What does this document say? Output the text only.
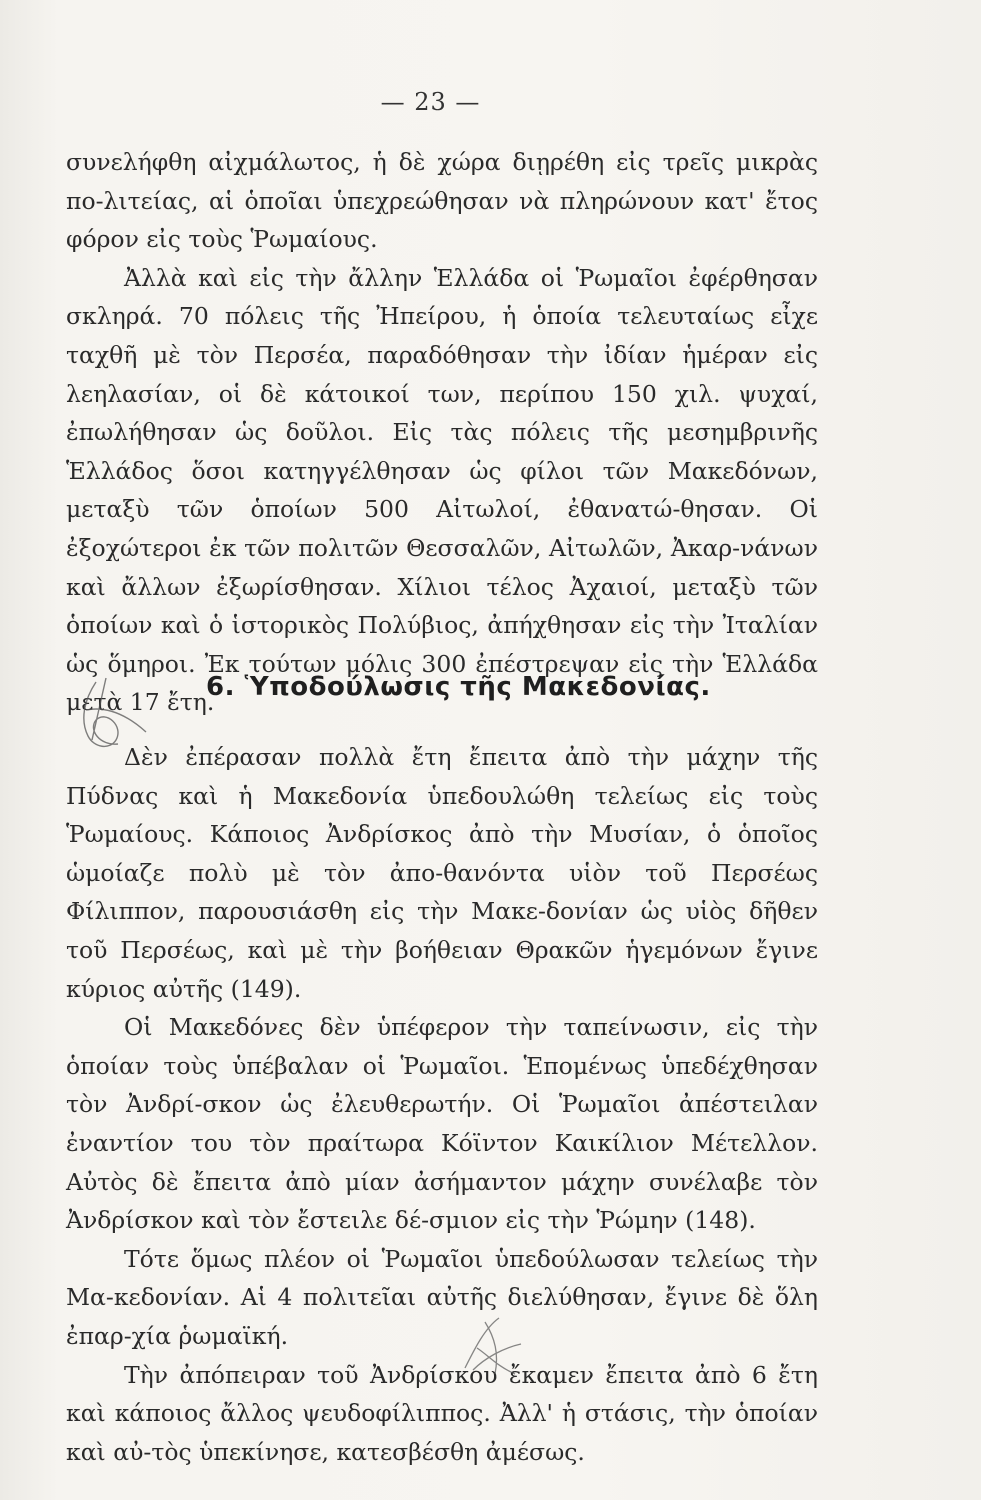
— 23 —

συνελήφθη αἰχμάλωτος, ἡ δὲ χώρα διῃρέθη εἰς τρεῖς μικρὰς πο-λιτείας, αἱ ὁποῖαι ὑπεχρεώθησαν νὰ πληρώνουν κατ' ἔτος φόρον εἰς τοὺς Ῥωμαίους.

Ἀλλὰ καὶ εἰς τὴν ἄλλην Ἑλλάδα οἱ Ῥωμαῖοι ἐφέρθησαν σκληρά. 70 πόλεις τῆς Ἠπείρου, ἡ ὁποία τελευταίως εἶχε ταχθῆ μὲ τὸν Περσέα, παραδόθησαν τὴν ἰδίαν ἡμέραν εἰς λεηλασίαν, οἱ δὲ κάτοικοί των, περίπου 150 χιλ. ψυχαί, ἐπωλήθησαν ὡς δοῦλοι. Εἰς τὰς πόλεις τῆς μεσημβρινῆς Ἑλλάδος ὅσοι κατηγγέλθησαν ὡς φίλοι τῶν Μακεδόνων, μεταξὺ τῶν ὁποίων 500 Αἰτωλοί, ἐθανατώ-θησαν. Οἱ ἐξοχώτεροι ἐκ τῶν πολιτῶν Θεσσαλῶν, Αἰτωλῶν, Ἀκαρ-νάνων καὶ ἄλλων ἐξωρίσθησαν. Χίλιοι τέλος Ἀχαιοί, μεταξὺ τῶν ὁποίων καὶ ὁ ἱστορικὸς Πολύβιος, ἀπήχθησαν εἰς τὴν Ἰταλίαν ὡς ὅμηροι. Ἐκ τούτων μόλις 300 ἐπέστρεψαν εἰς τὴν Ἑλλάδα μετὰ 17 ἔτη.

6. Ὑποδούλωσις τῆς Μακεδονίας.

Δὲν ἐπέρασαν πολλὰ ἔτη ἔπειτα ἀπὸ τὴν μάχην τῆς Πύδνας καὶ ἡ Μακεδονία ὑπεδουλώθη τελείως εἰς τοὺς Ῥωμαίους. Κάποιος Ἀνδρίσκος ἀπὸ τὴν Μυσίαν, ὁ ὁποῖος ὡμοίαζε πολὺ μὲ τὸν ἀπο-θανόντα υἱὸν τοῦ Περσέως Φίλιππον, παρουσιάσθη εἰς τὴν Μακε-δονίαν ὡς υἱὸς δῆθεν τοῦ Περσέως, καὶ μὲ τὴν βοήθειαν Θρακῶν ἡγεμόνων ἔγινε κύριος αὐτῆς (149).

Οἱ Μακεδόνες δὲν ὑπέφερον τὴν ταπείνωσιν, εἰς τὴν ὁποίαν τοὺς ὑπέβαλαν οἱ Ῥωμαῖοι. Ἑπομένως ὑπεδέχθησαν τὸν Ἀνδρί-σκον ὡς ἐλευθερωτήν. Οἱ Ῥωμαῖοι ἀπέστειλαν ἐναντίον του τὸν πραίτωρα Κόϊντον Καικίλιον Μέτελλον. Αὐτὸς δὲ ἔπειτα ἀπὸ μίαν ἀσήμαντον μάχην συνέλαβε τὸν Ἀνδρίσκον καὶ τὸν ἔστειλε δέ-σμιον εἰς τὴν Ῥώμην (148).

Τότε ὅμως πλέον οἱ Ῥωμαῖοι ὑπεδούλωσαν τελείως τὴν Μα-κεδονίαν. Αἱ 4 πολιτεῖαι αὐτῆς διελύθησαν, ἔγινε δὲ ὅλη ἐπαρ-χία ῥωμαϊκή.

Τὴν ἀπόπειραν τοῦ Ἀνδρίσκου ἔκαμεν ἔπειτα ἀπὸ 6 ἔτη καὶ κάποιος ἄλλος ψευδοφίλιππος. Ἀλλ' ἡ στάσις, τὴν ὁποίαν καὶ αὐ-τὸς ὑπεκίνησε, κατεσβέσθη ἀμέσως.
